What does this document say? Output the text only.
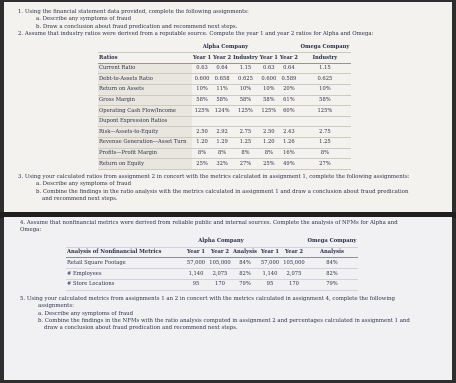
1. Using the financial statement data provided, complete the following assignments:
a. Describe any symptoms of fraud
b. Draw a conclusion about fraud predication and recommend next steps.
2. Assume that industry ratios were derived from a reputable source. Compute the year 1 and year 2 ratios for Alpha and Omega:
	Alpha Company					Omega Company
Ratios	Year 1	Year 2	Industry	Year 1	Year 2	Industry
Current Ratio	0.63	0.64	1.15	0.63	0.64	1.15
Debt-to-Assets Ratio	0.600	0.658	0.625	0.600	0.589	0.625
Return on Assets	10%	11%	10%	10%	20%	10%
Gross Margin	58%	58%	58%	58%	61%	58%
Operating Cash Flow/Income	125%	124%	125%	125%	60%	125%
Dupont Expression Ratios						
Risk—Assets-to-Equity	2.50	2.92	2.75	2.50	2.43	2.75
Revenue Generation—Asset Turn	1.20	1.29	1.25	1.20	1.26	1.25
Profits—Profit Margin	8%	8%	8%	8%	16%	8%
Return on Equity	25%	32%	27%	25%	49%	27%
3. Using your calculated ratios from assignment 2 in concert with the metrics calculated in assignment 1, complete the following assignments:
a. Describe any symptoms of fraud
b. Combine the findings in the ratio analysis with the metrics calculated in assignment 1 and draw a conclusion about fraud predication
and recommend next steps.
4. Assume that nonfinancial metrics were derived from reliable public and internal sources. Complete the analysis of NFMs for Alpha and
Omega:
	Alpha Company					Omega Company
Analysis of Nonfinancial Metrics	Year 1	Year 2	Analysis	Year 1	Year 2	Analysis
Retail Square Footage	57,000	105,000	84%	57,000	105,000	84%
# Employees	1,140	2,075	82%	1,140	2,075	82%
# Store Locations	95	170	79%	95	170	79%
5. Using your calculated metrics from assignments 1 an 2 in concert with the metrics calculated in assignment 4, complete the following
assignments:
a. Describe any symptoms of fraud
b. Combine the findings in the NFMs with the ratio analysis computed in assignment 2 and percentages calculated in assignment 1 and
draw a conclusion about fraud predication and recommend next steps.
